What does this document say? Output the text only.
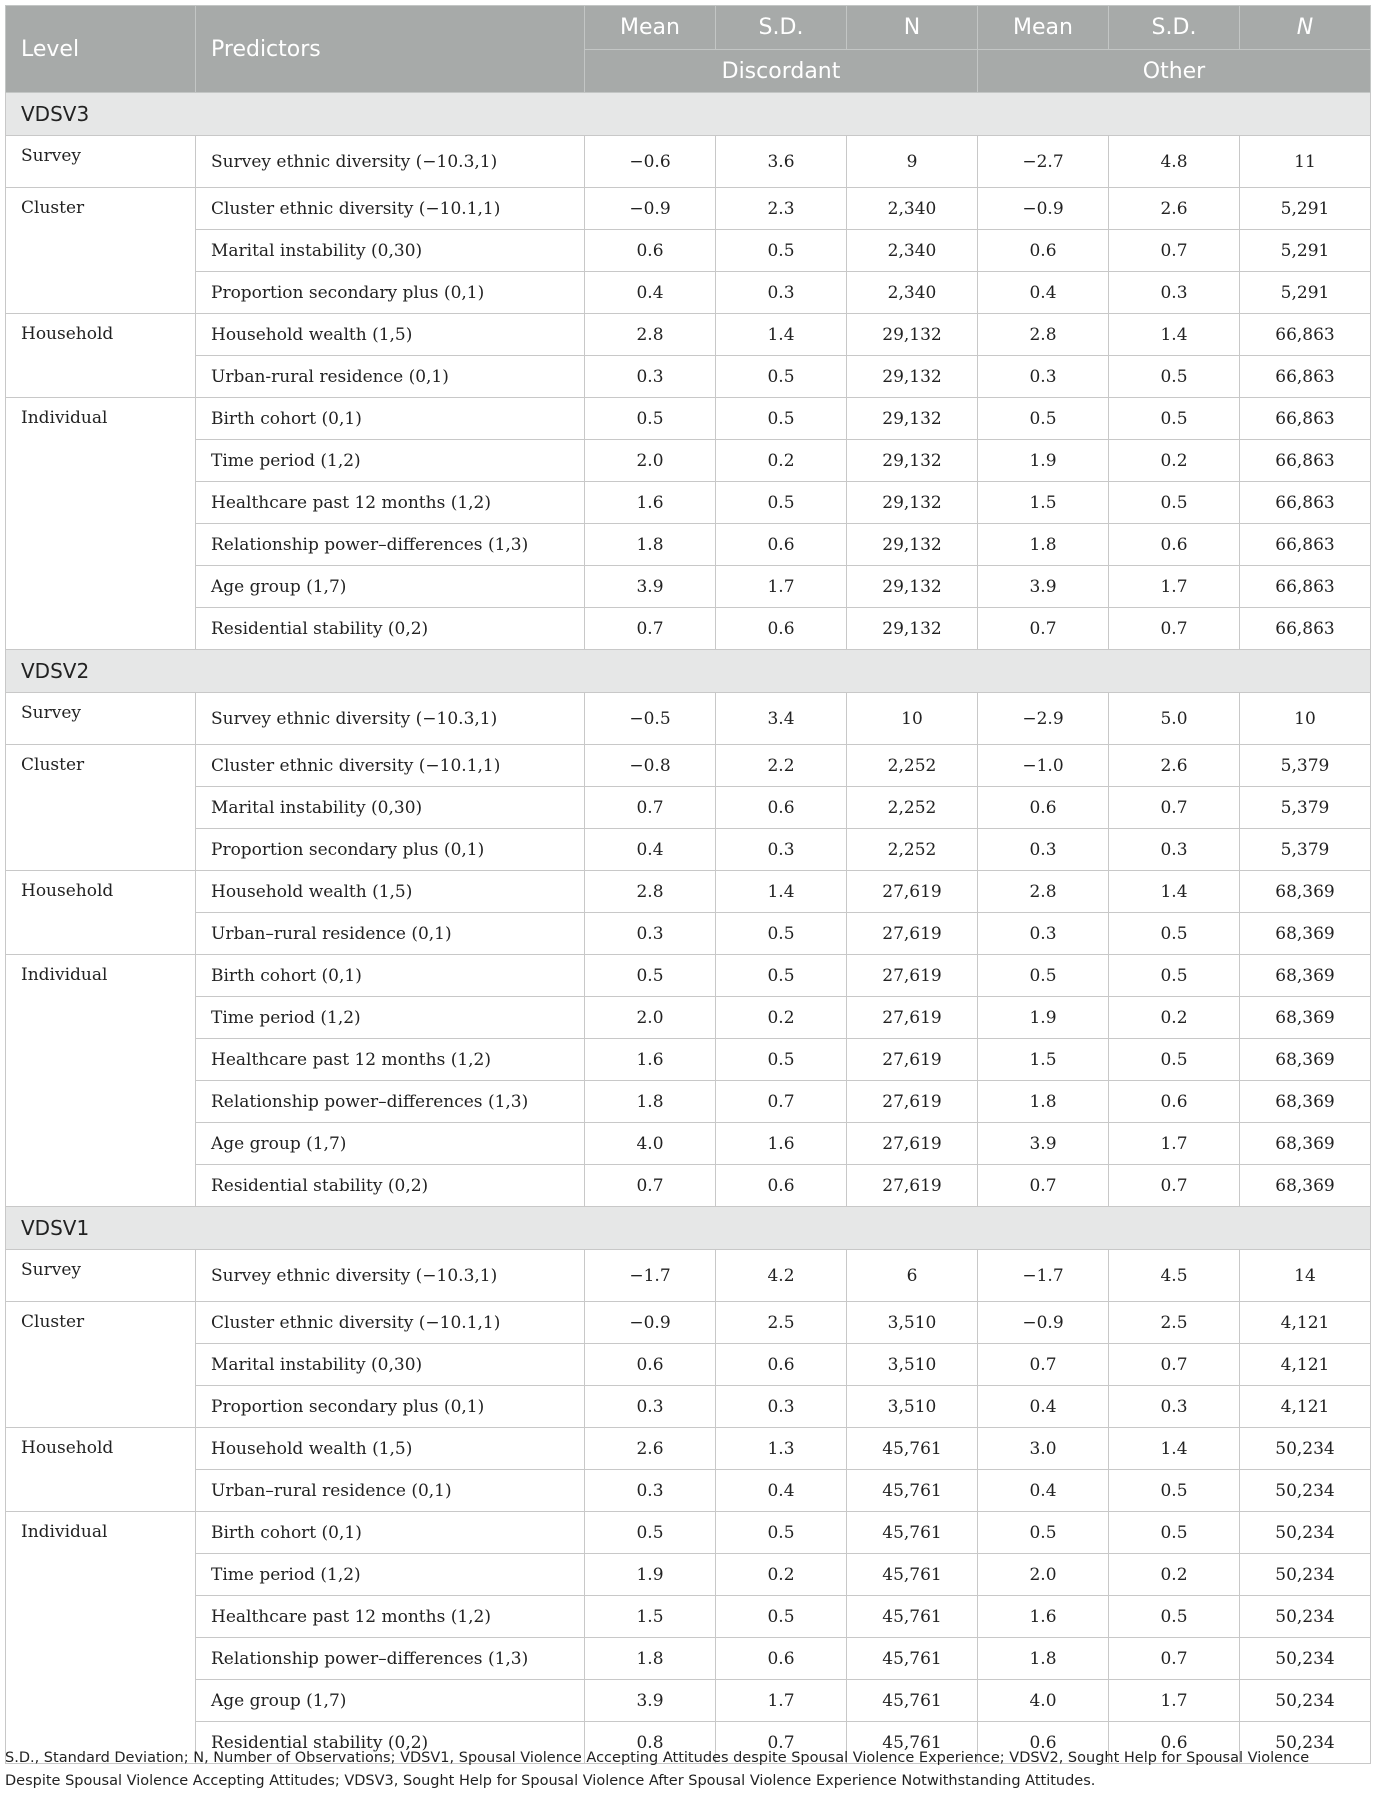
Level	Predictors	Mean	S.D.	N	Mean	S.D.	N
		Discordant			Other		
VDSV3							
Survey	Survey ethnic diversity (−10.3,1)	−0.6	3.6	9	−2.7	4.8	11
Cluster	Cluster ethnic diversity (−10.1,1)	−0.9	2.3	2,340	−0.9	2.6	5,291
	Marital instability (0,30)	0.6	0.5	2,340	0.6	0.7	5,291
	Proportion secondary plus (0,1)	0.4	0.3	2,340	0.4	0.3	5,291
Household	Household wealth (1,5)	2.8	1.4	29,132	2.8	1.4	66,863
	Urban-rural residence (0,1)	0.3	0.5	29,132	0.3	0.5	66,863
Individual	Birth cohort (0,1)	0.5	0.5	29,132	0.5	0.5	66,863
	Time period (1,2)	2.0	0.2	29,132	1.9	0.2	66,863
	Healthcare past 12 months (1,2)	1.6	0.5	29,132	1.5	0.5	66,863
	Relationship power–differences (1,3)	1.8	0.6	29,132	1.8	0.6	66,863
	Age group (1,7)	3.9	1.7	29,132	3.9	1.7	66,863
	Residential stability (0,2)	0.7	0.6	29,132	0.7	0.7	66,863
VDSV2							
Survey	Survey ethnic diversity (−10.3,1)	−0.5	3.4	10	−2.9	5.0	10
Cluster	Cluster ethnic diversity (−10.1,1)	−0.8	2.2	2,252	−1.0	2.6	5,379
	Marital instability (0,30)	0.7	0.6	2,252	0.6	0.7	5,379
	Proportion secondary plus (0,1)	0.4	0.3	2,252	0.3	0.3	5,379
Household	Household wealth (1,5)	2.8	1.4	27,619	2.8	1.4	68,369
	Urban–rural residence (0,1)	0.3	0.5	27,619	0.3	0.5	68,369
Individual	Birth cohort (0,1)	0.5	0.5	27,619	0.5	0.5	68,369
	Time period (1,2)	2.0	0.2	27,619	1.9	0.2	68,369
	Healthcare past 12 months (1,2)	1.6	0.5	27,619	1.5	0.5	68,369
	Relationship power–differences (1,3)	1.8	0.7	27,619	1.8	0.6	68,369
	Age group (1,7)	4.0	1.6	27,619	3.9	1.7	68,369
	Residential stability (0,2)	0.7	0.6	27,619	0.7	0.7	68,369
VDSV1							
Survey	Survey ethnic diversity (−10.3,1)	−1.7	4.2	6	−1.7	4.5	14
Cluster	Cluster ethnic diversity (−10.1,1)	−0.9	2.5	3,510	−0.9	2.5	4,121
	Marital instability (0,30)	0.6	0.6	3,510	0.7	0.7	4,121
	Proportion secondary plus (0,1)	0.3	0.3	3,510	0.4	0.3	4,121
Household	Household wealth (1,5)	2.6	1.3	45,761	3.0	1.4	50,234
	Urban–rural residence (0,1)	0.3	0.4	45,761	0.4	0.5	50,234
Individual	Birth cohort (0,1)	0.5	0.5	45,761	0.5	0.5	50,234
	Time period (1,2)	1.9	0.2	45,761	2.0	0.2	50,234
	Healthcare past 12 months (1,2)	1.5	0.5	45,761	1.6	0.5	50,234
	Relationship power–differences (1,3)	1.8	0.6	45,761	1.8	0.7	50,234
	Age group (1,7)	3.9	1.7	45,761	4.0	1.7	50,234
	Residential stability (0,2)	0.8	0.7	45,761	0.6	0.6	50,234
S.D., Standard Deviation; N, Number of Observations; VDSV1, Spousal Violence Accepting Attitudes despite Spousal Violence Experience; VDSV2, Sought Help for Spousal Violence Despite Spousal Violence Accepting Attitudes; VDSV3, Sought Help for Spousal Violence After Spousal Violence Experience Notwithstanding Attitudes.
